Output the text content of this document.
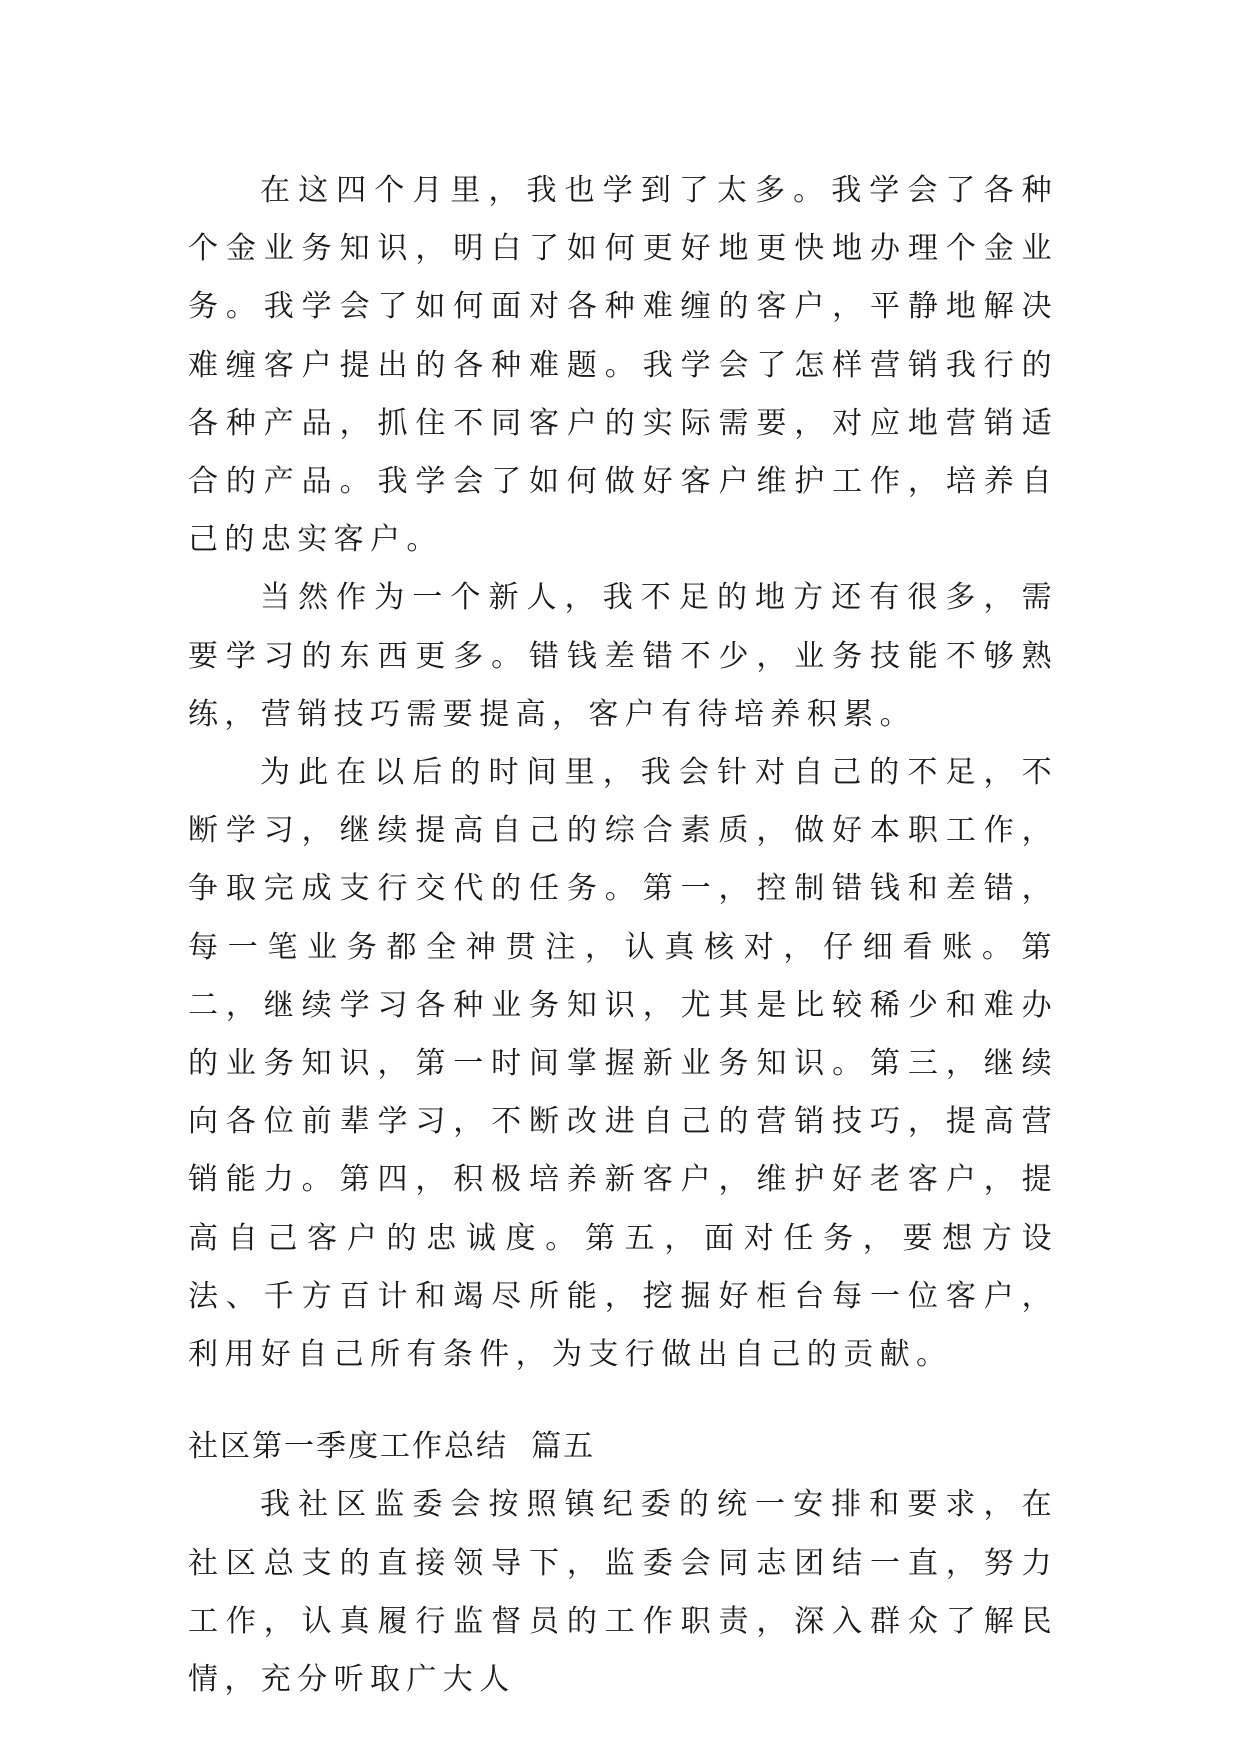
在这四个月里，我也学到了太多。我学会了各种个金业务知识，明白了如何更好地更快地办理个金业务。我学会了如何面对各种难缠的客户，平静地解决难缠客户提出的各种难题。我学会了怎样营销我行的各种产品，抓住不同客户的实际需要，对应地营销适合的产品。我学会了如何做好客户维护工作，培养自己的忠实客户。

当然作为一个新人，我不足的地方还有很多，需要学习的东西更多。错钱差错不少，业务技能不够熟练，营销技巧需要提高，客户有待培养积累。

为此在以后的时间里，我会针对自己的不足，不断学习，继续提高自己的综合素质，做好本职工作，争取完成支行交代的任务。第一，控制错钱和差错，每一笔业务都全神贯注，认真核对，仔细看账。第二，继续学习各种业务知识，尤其是比较稀少和难办的业务知识，第一时间掌握新业务知识。第三，继续向各位前辈学习，不断改进自己的营销技巧，提高营销能力。第四，积极培养新客户，维护好老客户，提高自己客户的忠诚度。第五，面对任务，要想方设法、千方百计和竭尽所能，挖掘好柜台每一位客户，利用好自己所有条件，为支行做出自己的贡献。

社区第一季度工作总结  篇五

我社区监委会按照镇纪委的统一安排和要求，在社区总支的直接领导下，监委会同志团结一直，努力工作，认真履行监督员的工作职责，深入群众了解民情，充分听取广大人
